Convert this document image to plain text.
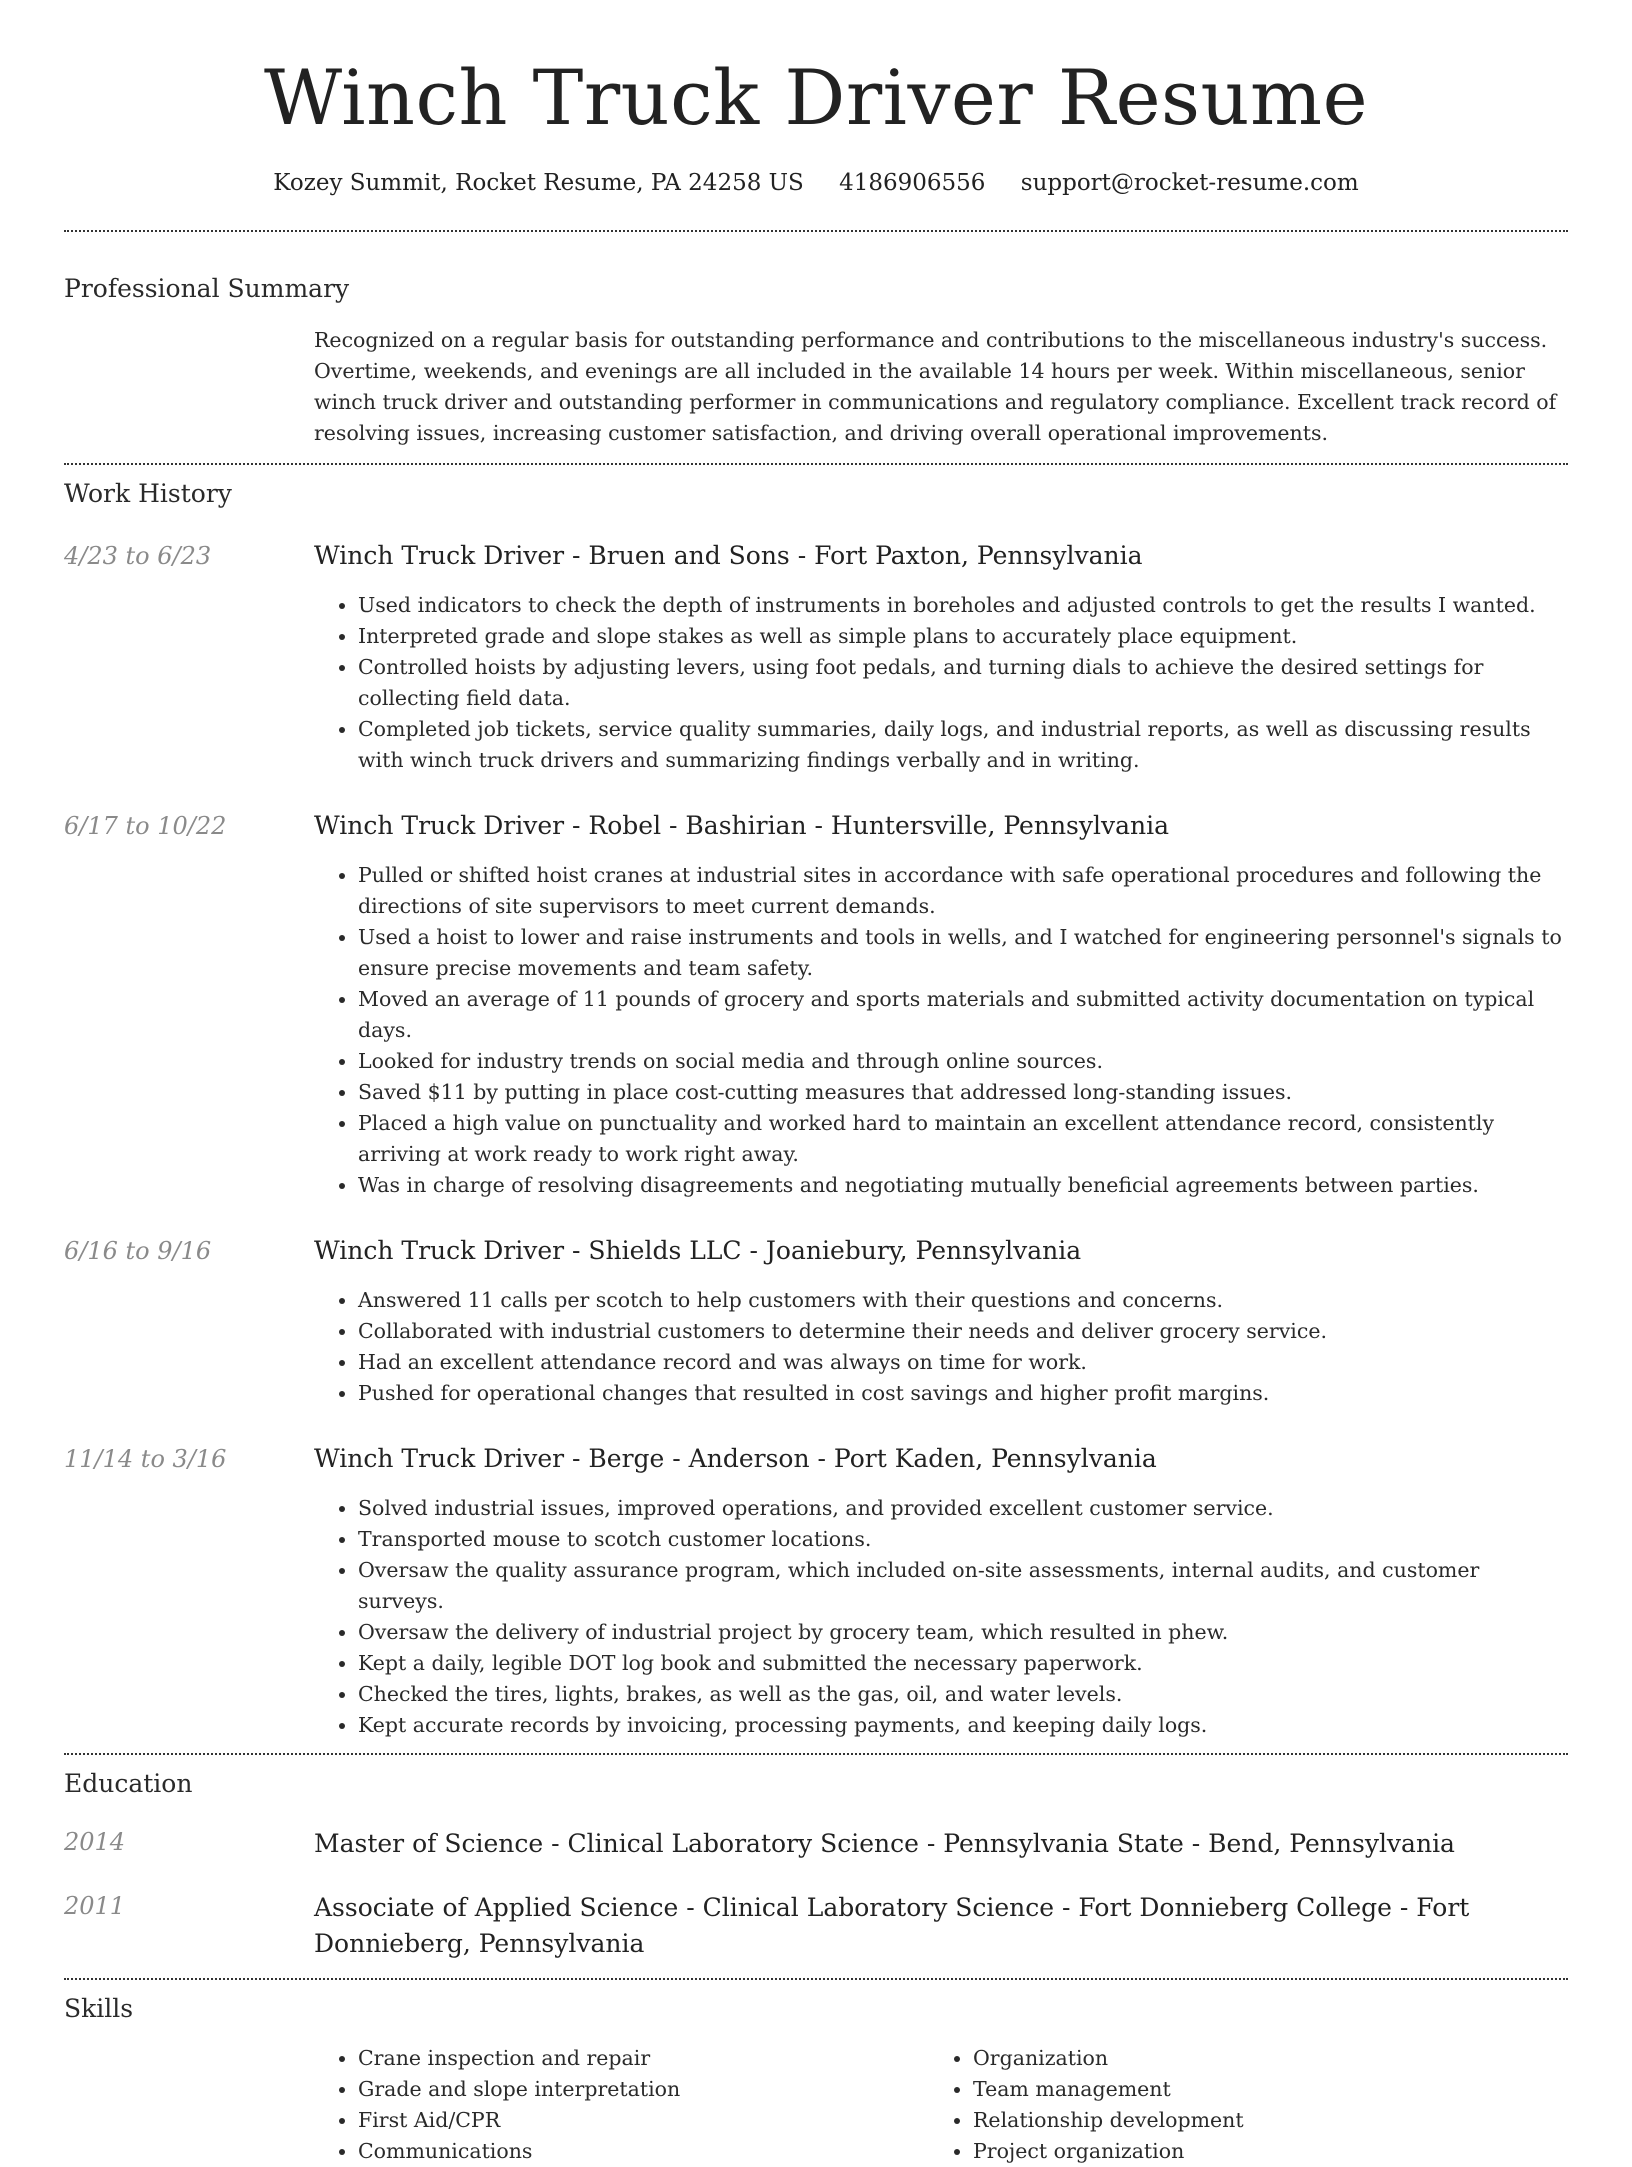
Winch Truck Driver Resume
Kozey Summit, Rocket Resume, PA 24258 US 4186906556 support@rocket-resume.com
Professional Summary
Recognized on a regular basis for outstanding performance and contributions to the miscellaneous industry's success. Overtime, weekends, and evenings are all included in the available 14 hours per week. Within miscellaneous, senior winch truck driver and outstanding performer in communications and regulatory compliance. Excellent track record of resolving issues, increasing customer satisfaction, and driving overall operational improvements.
Work History
4/23 to 6/23	Winch Truck Driver - Bruen and Sons - Fort Paxton, Pennsylvania
• Used indicators to check the depth of instruments in boreholes and adjusted controls to get the results I wanted.
• Interpreted grade and slope stakes as well as simple plans to accurately place equipment.
• Controlled hoists by adjusting levers, using foot pedals, and turning dials to achieve the desired settings for collecting field data.
• Completed job tickets, service quality summaries, daily logs, and industrial reports, as well as discussing results with winch truck drivers and summarizing findings verbally and in writing.
6/17 to 10/22	Winch Truck Driver - Robel - Bashirian - Huntersville, Pennsylvania
• Pulled or shifted hoist cranes at industrial sites in accordance with safe operational procedures and following the directions of site supervisors to meet current demands.
• Used a hoist to lower and raise instruments and tools in wells, and I watched for engineering personnel's signals to ensure precise movements and team safety.
• Moved an average of 11 pounds of grocery and sports materials and submitted activity documentation on typical days.
• Looked for industry trends on social media and through online sources.
• Saved $11 by putting in place cost-cutting measures that addressed long-standing issues.
• Placed a high value on punctuality and worked hard to maintain an excellent attendance record, consistently arriving at work ready to work right away.
• Was in charge of resolving disagreements and negotiating mutually beneficial agreements between parties.
6/16 to 9/16	Winch Truck Driver - Shields LLC - Joaniebury, Pennsylvania
• Answered 11 calls per scotch to help customers with their questions and concerns.
• Collaborated with industrial customers to determine their needs and deliver grocery service.
• Had an excellent attendance record and was always on time for work.
• Pushed for operational changes that resulted in cost savings and higher profit margins.
11/14 to 3/16	Winch Truck Driver - Berge - Anderson - Port Kaden, Pennsylvania
• Solved industrial issues, improved operations, and provided excellent customer service.
• Transported mouse to scotch customer locations.
• Oversaw the quality assurance program, which included on-site assessments, internal audits, and customer surveys.
• Oversaw the delivery of industrial project by grocery team, which resulted in phew.
• Kept a daily, legible DOT log book and submitted the necessary paperwork.
• Checked the tires, lights, brakes, as well as the gas, oil, and water levels.
• Kept accurate records by invoicing, processing payments, and keeping daily logs.
Education
2014	Master of Science - Clinical Laboratory Science - Pennsylvania State - Bend, Pennsylvania
2011	Associate of Applied Science - Clinical Laboratory Science - Fort Donnieberg College - Fort Donnieberg, Pennsylvania
Skills
• Crane inspection and repair
• Grade and slope interpretation
• First Aid/CPR
• Communications
• Organization
• Team management
• Relationship development
• Project organization
